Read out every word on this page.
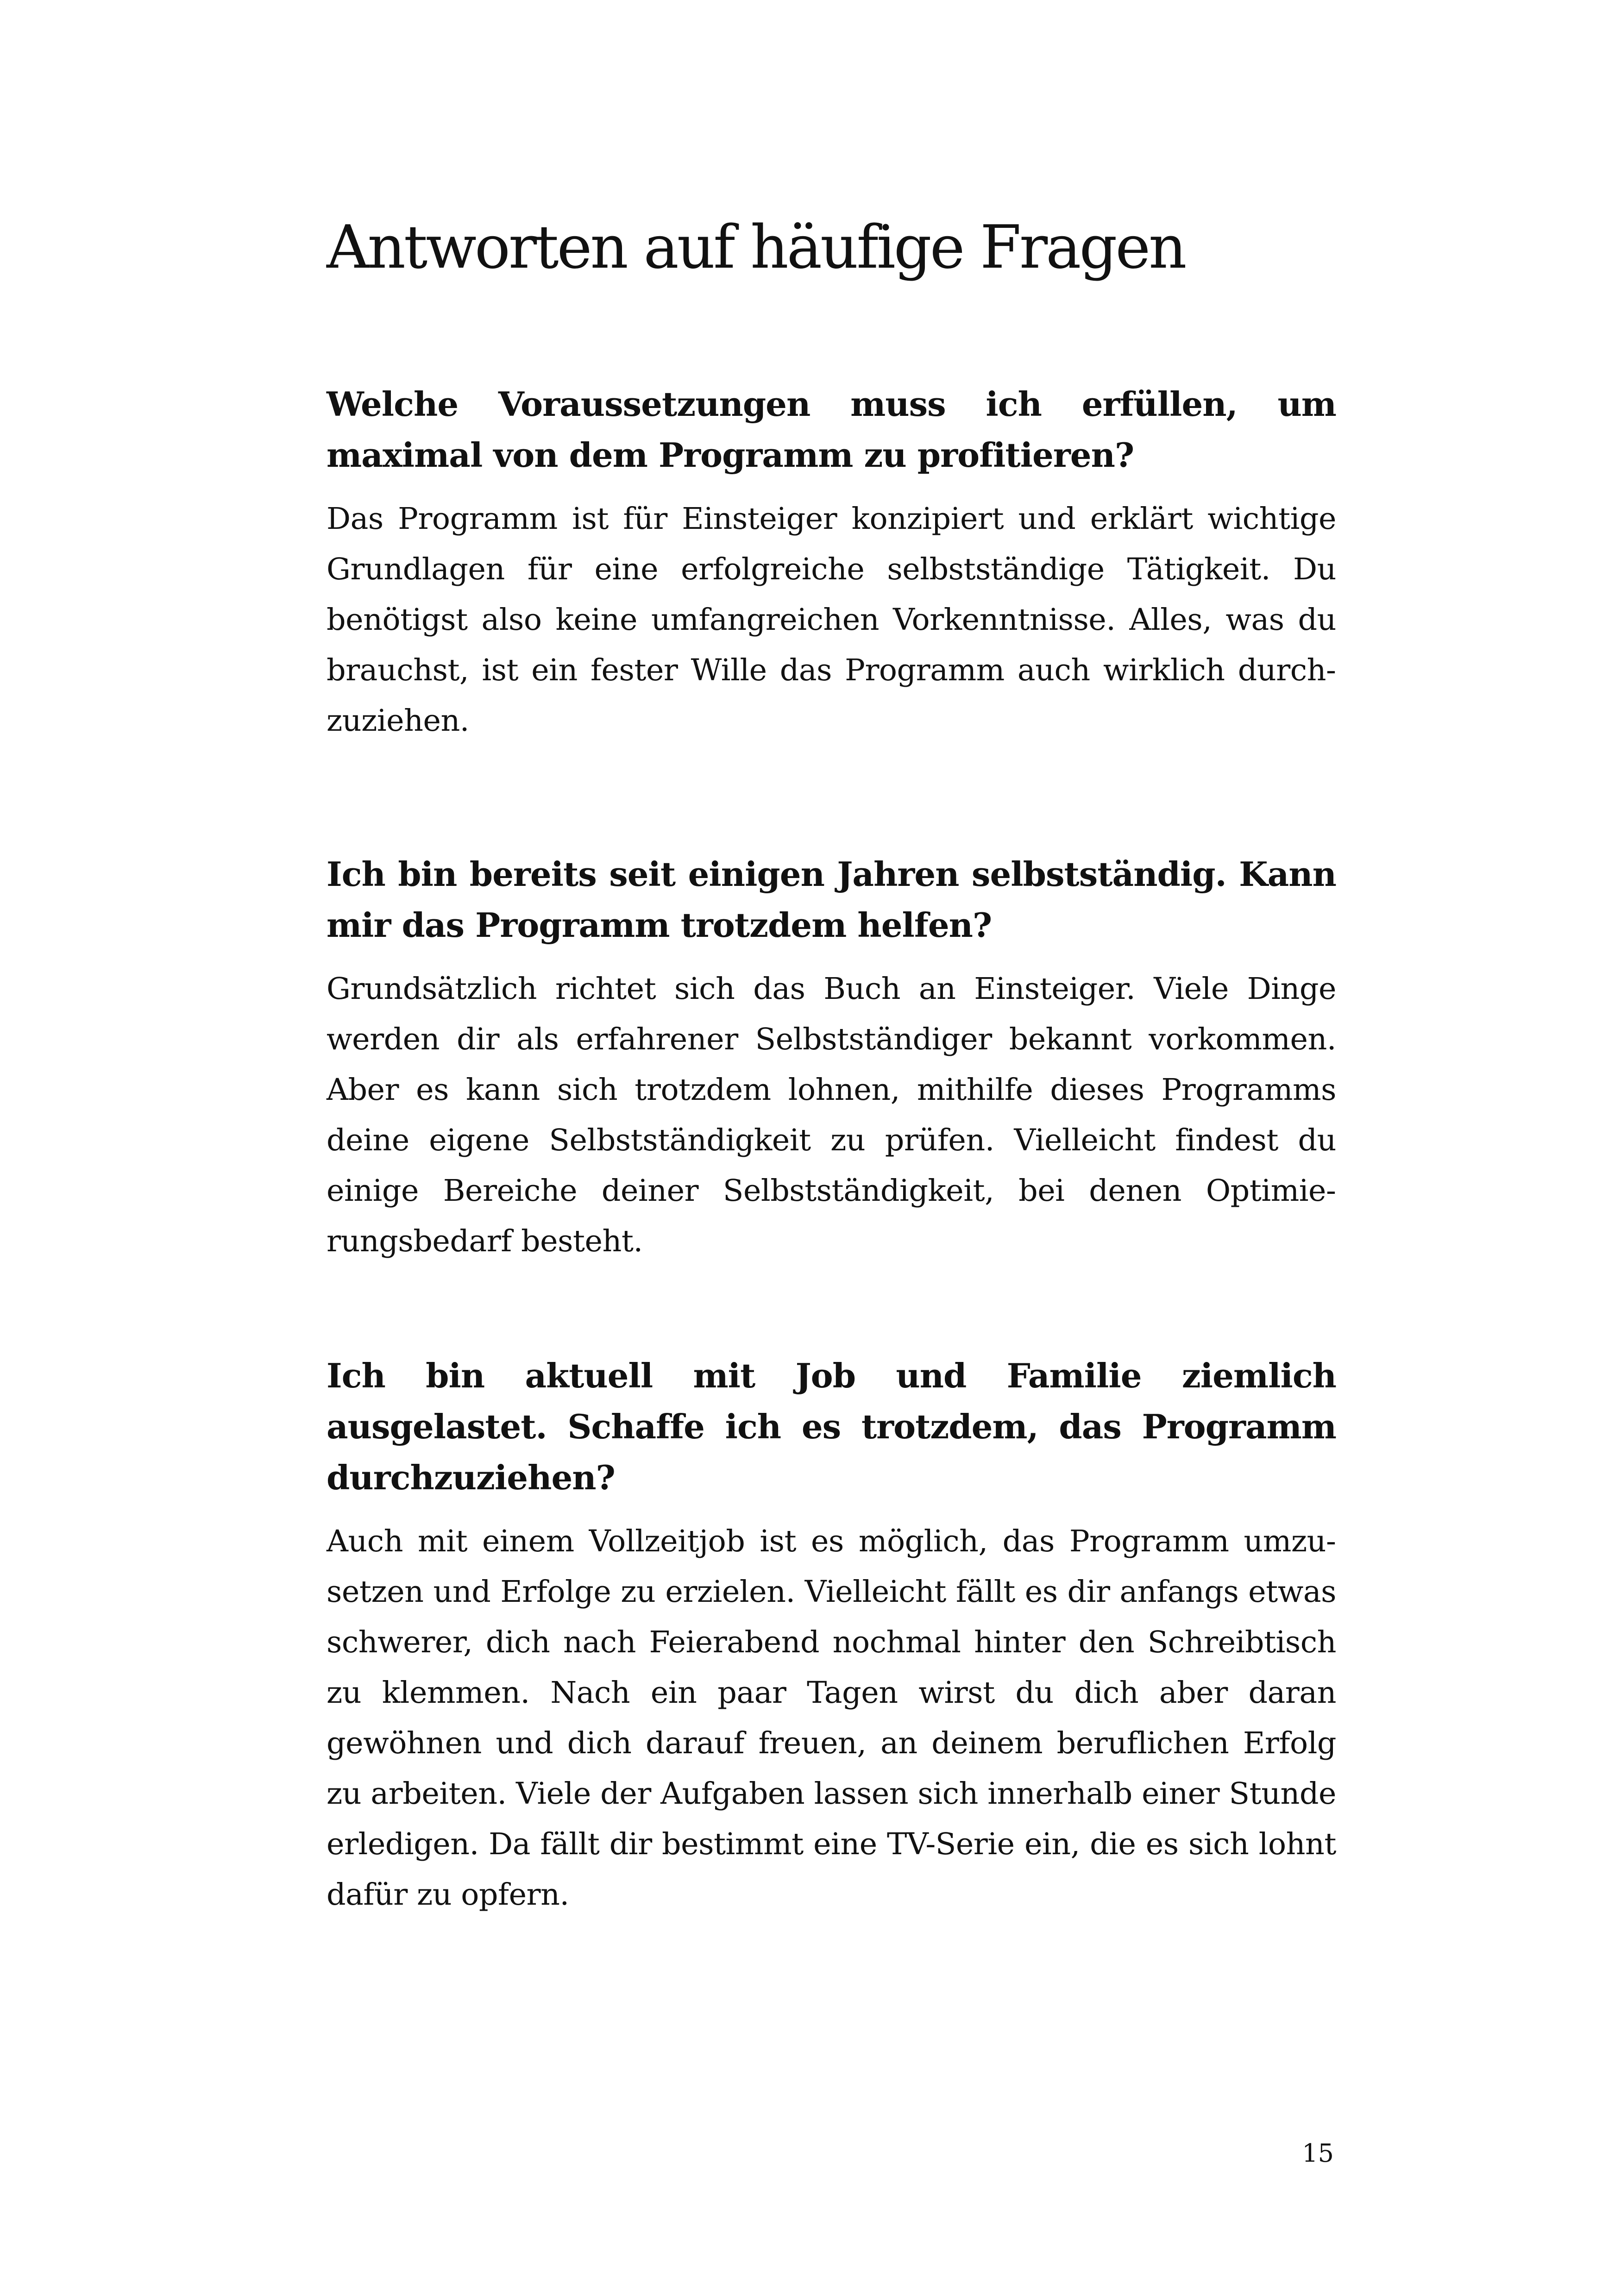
Antworten auf häufige Fragen
Welche Voraussetzungen muss ich erfüllen, um maximal von dem Programm zu profitieren?

Das Programm ist für Einsteiger konzipiert und erklärt wichtige Grundlagen für eine erfolgreiche selbstständige Tätigkeit. Du benötigst also keine umfangreichen Vorkenntnisse. Alles, was du brauchst, ist ein fester Wille das Programm auch wirklich durchzuziehen.

Ich bin bereits seit einigen Jahren selbstständig. Kann mir das Programm trotzdem helfen?

Grundsätzlich richtet sich das Buch an Einsteiger. Viele Dinge werden dir als erfahrener Selbstständiger bekannt vorkommen. Aber es kann sich trotzdem lohnen, mithilfe dieses Programms deine eigene Selbstständigkeit zu prüfen. Vielleicht findest du einige Bereiche deiner Selbstständigkeit, bei denen Optimierungsbedarf besteht.

Ich bin aktuell mit Job und Familie ziemlich ausgelastet. Schaffe ich es trotzdem, das Programm durchzuziehen?

Auch mit einem Vollzeitjob ist es möglich, das Programm umzusetzen und Erfolge zu erzielen. Vielleicht fällt es dir anfangs etwas schwerer, dich nach Feierabend nochmal hinter den Schreibtisch zu klemmen. Nach ein paar Tagen wirst du dich aber daran gewöhnen und dich darauf freuen, an deinem beruflichen Erfolg zu arbeiten. Viele der Aufgaben lassen sich innerhalb einer Stunde erledigen. Da fällt dir bestimmt eine TV-Serie ein, die es sich lohnt dafür zu opfern.

15
